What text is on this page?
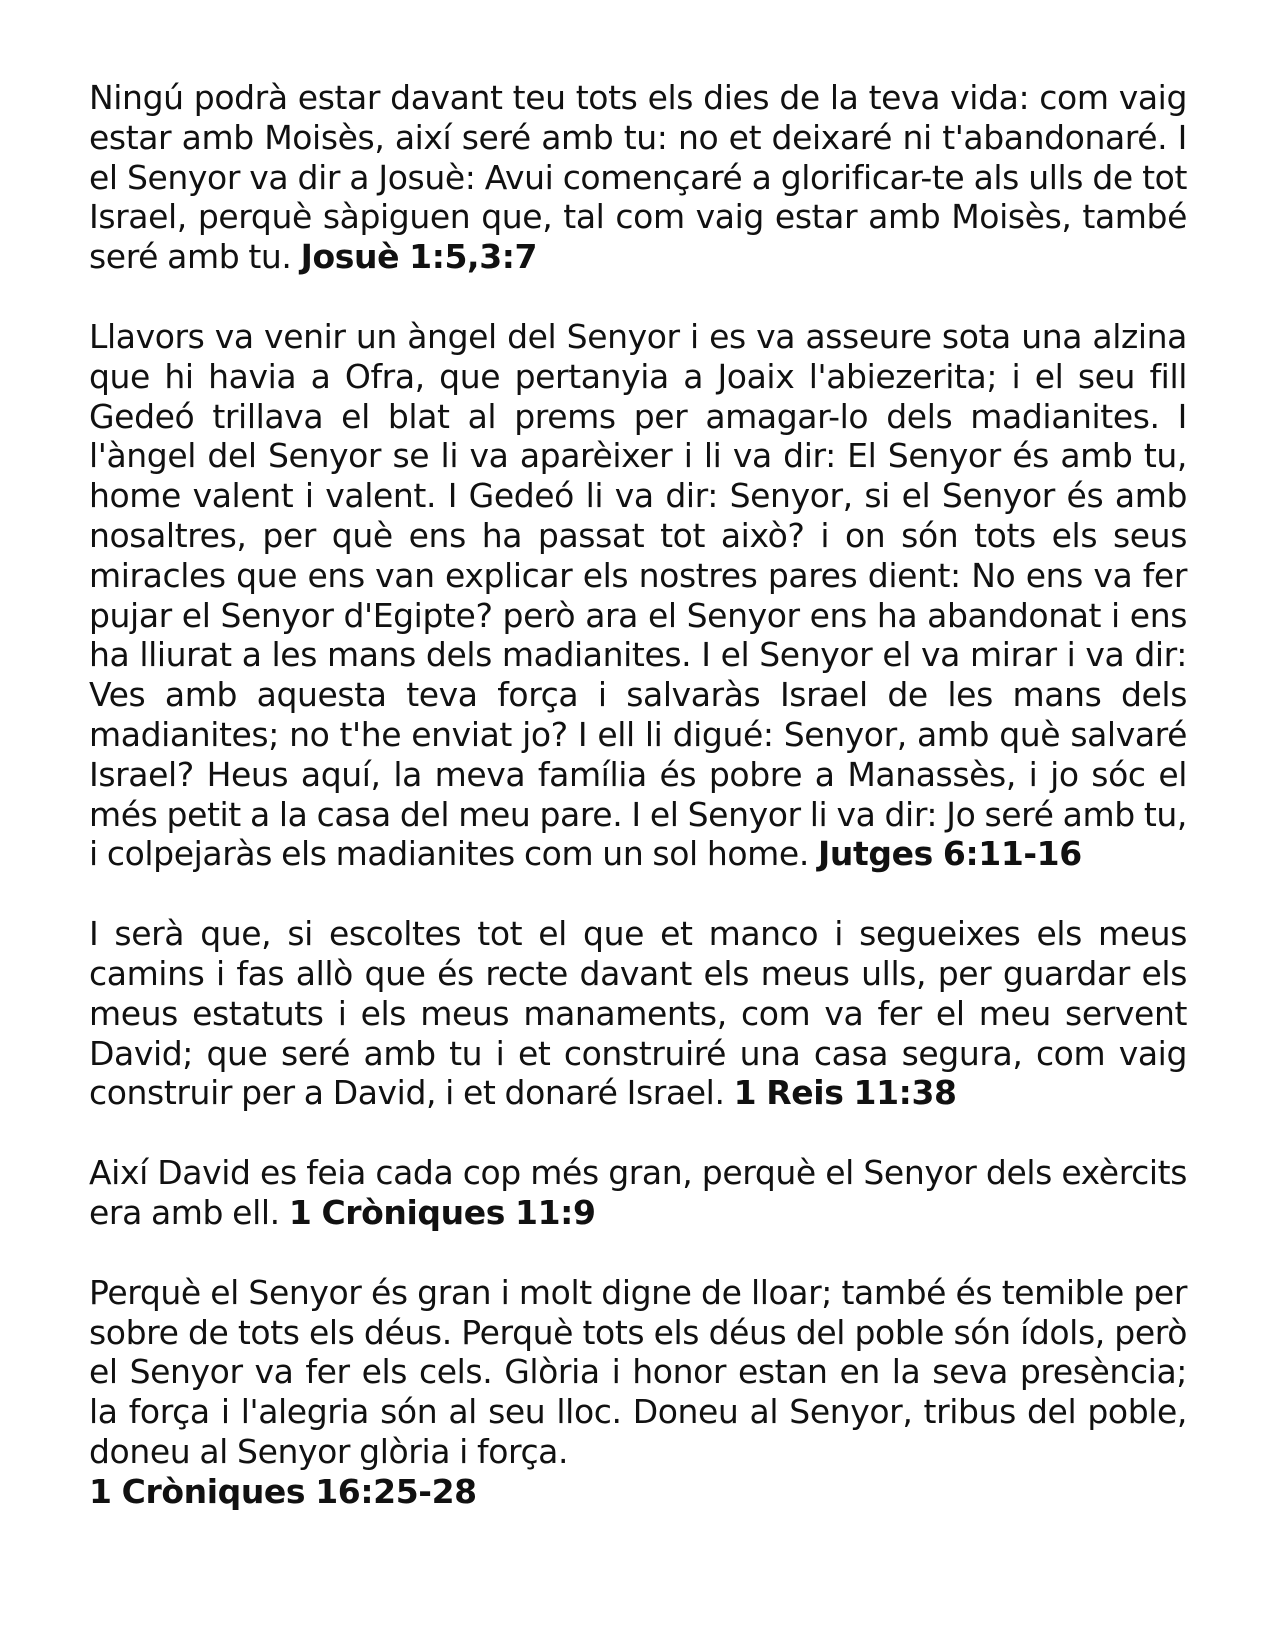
Ningú podrà estar davant teu tots els dies de la teva vida: com vaig estar amb Moisès, així seré amb tu: no et deixaré ni t'abandonaré. I el Senyor va dir a Josuè: Avui començaré a glorificar-te als ulls de tot Israel, perquè sàpiguen que, tal com vaig estar amb Moisès, també seré amb tu. Josuè 1:5,3:7

Llavors va venir un àngel del Senyor i es va asseure sota una alzina que hi havia a Ofra, que pertanyia a Joaix l'abiezerita; i el seu fill Gedeó trillava el blat al prems per amagar-lo dels madianites. I l'àngel del Senyor se li va aparèixer i li va dir: El Senyor és amb tu, home valent i valent. I Gedeó li va dir: Senyor, si el Senyor és amb nosaltres, per què ens ha passat tot això? i on són tots els seus miracles que ens van explicar els nostres pares dient: No ens va fer pujar el Senyor d'Egipte? però ara el Senyor ens ha abandonat i ens ha lliurat a les mans dels madianites. I el Senyor el va mirar i va dir: Ves amb aquesta teva força i salvaràs Israel de les mans dels madianites; no t'he enviat jo? I ell li digué: Senyor, amb què salvaré Israel? Heus aquí, la meva família és pobre a Manassès, i jo sóc el més petit a la casa del meu pare. I el Senyor li va dir: Jo seré amb tu, i colpejaràs els madianites com un sol home. Jutges 6:11-16

I serà que, si escoltes tot el que et manco i segueixes els meus camins i fas allò que és recte davant els meus ulls, per guardar els meus estatuts i els meus manaments, com va fer el meu servent David; que seré amb tu i et construiré una casa segura, com vaig construir per a David, i et donaré Israel. 1 Reis 11:38

Així David es feia cada cop més gran, perquè el Senyor dels exèrcits era amb ell. 1 Cròniques 11:9

Perquè el Senyor és gran i molt digne de lloar; també és temible per sobre de tots els déus. Perquè tots els déus del poble són ídols, però el Senyor va fer els cels. Glòria i honor estan en la seva presència; la força i l'alegria són al seu lloc. Doneu al Senyor, tribus del poble, doneu al Senyor glòria i força.
1 Cròniques 16:25-28
